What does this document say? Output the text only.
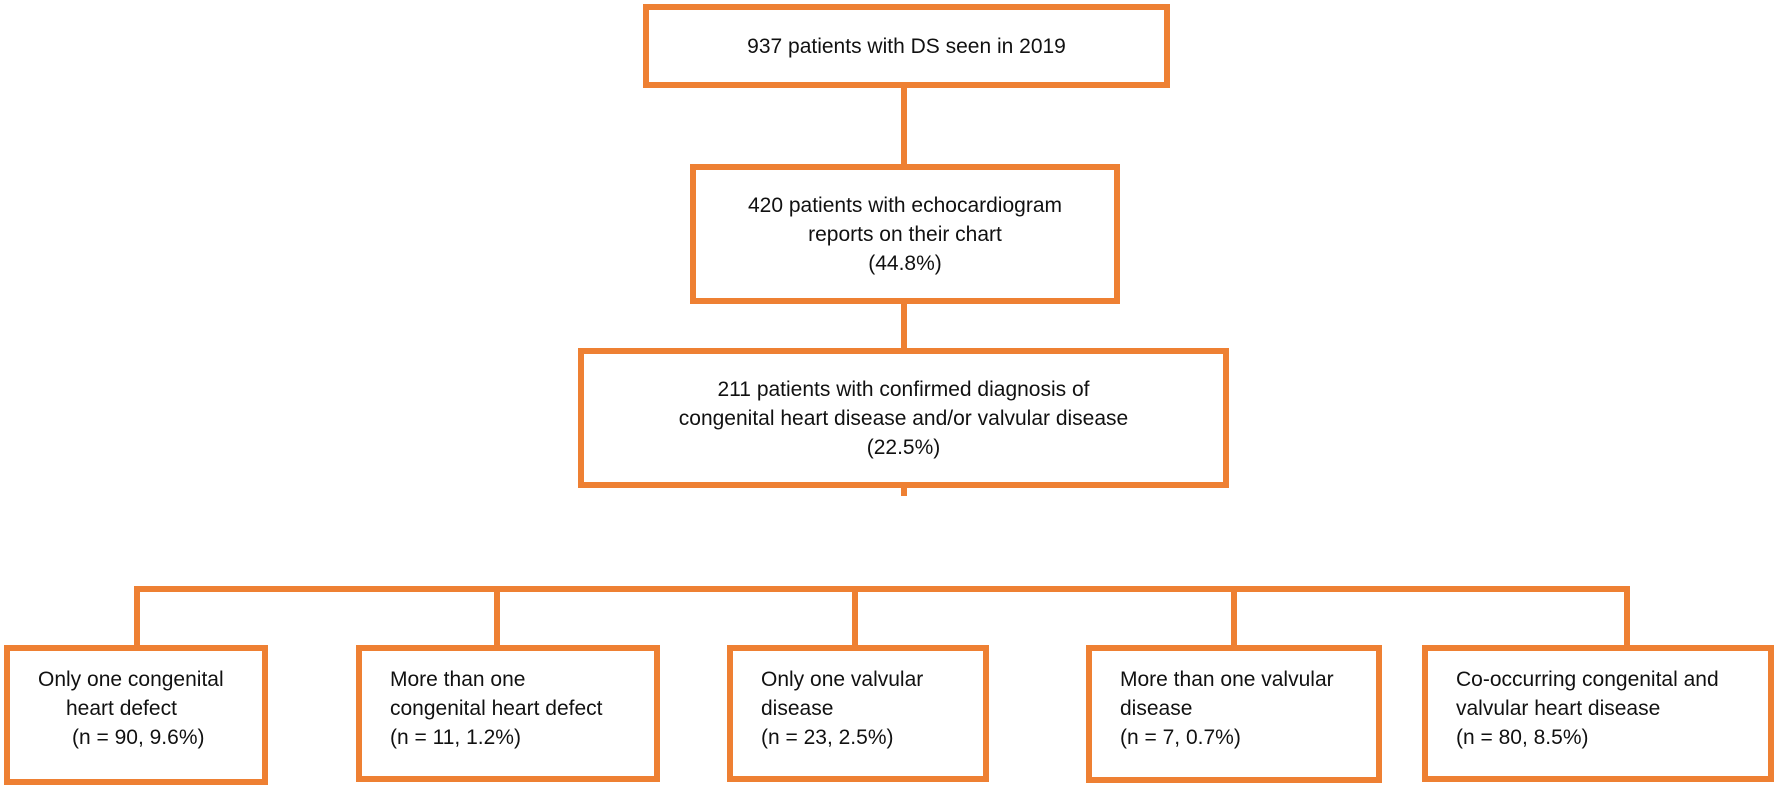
937 patients with DS seen in 2019
420 patients with echocardiogram
reports on their chart
(44.8%)
211 patients with confirmed diagnosis of
congenital heart disease and/or valvular disease
(22.5%)
Only one congenital
heart defect
(n = 90, 9.6%)
More than one
congenital heart defect
(n = 11, 1.2%)
Only one valvular
disease
(n = 23, 2.5%)
More than one valvular
disease
(n = 7, 0.7%)
Co-occurring congenital and
valvular heart disease
(n = 80, 8.5%)
